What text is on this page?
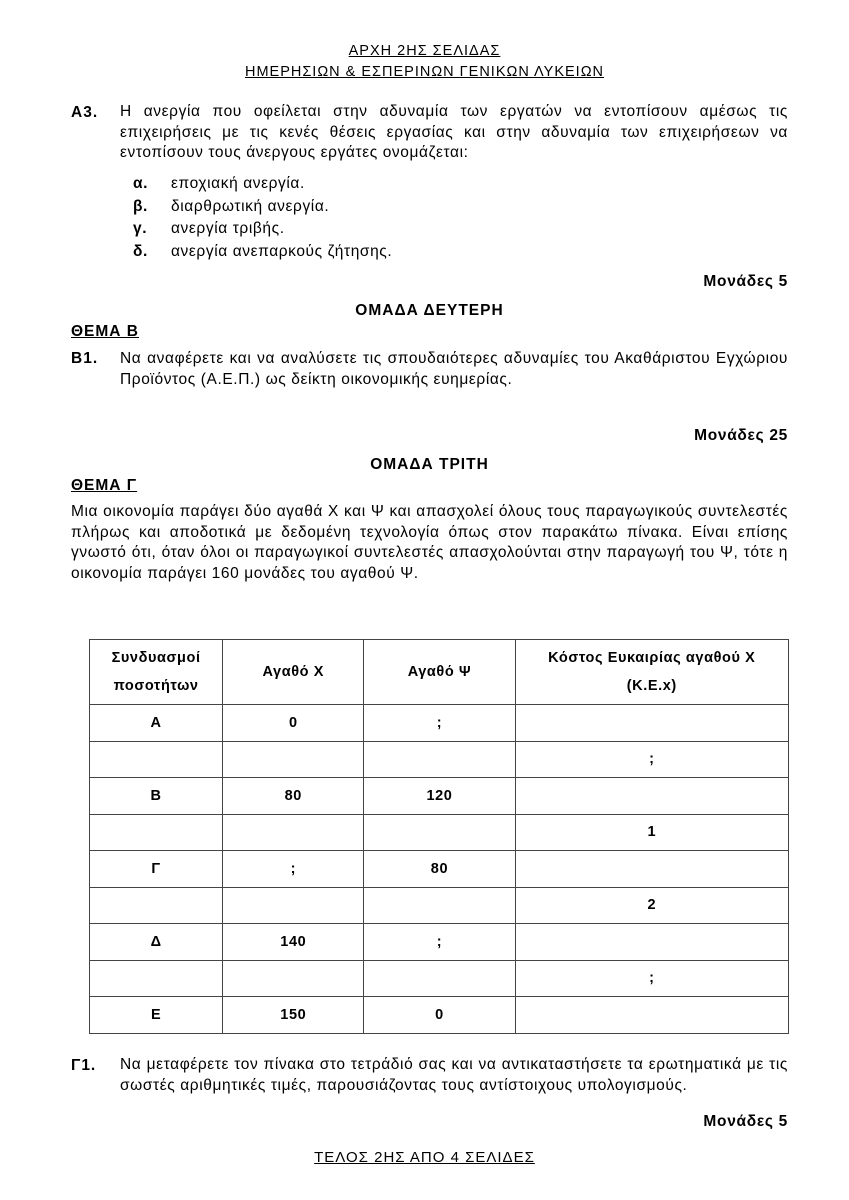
ΑΡΧΗ 2ΗΣ ΣΕΛΙΔΑΣ
ΗΜΕΡΗΣΙΩΝ & ΕΣΠΕΡΙΝΩΝ ΓΕΝΙΚΩΝ ΛΥΚΕΙΩΝ
Α3. Η ανεργία που οφείλεται στην αδυναμία των εργατών να εντοπίσουν αμέσως τις επιχειρήσεις με τις κενές θέσεις εργασίας και στην αδυναμία των επιχειρήσεων να εντοπίσουν τους άνεργους εργάτες ονομάζεται:
α. εποχιακή ανεργία.
β. διαρθρωτική ανεργία.
γ. ανεργία τριβής.
δ. ανεργία ανεπαρκούς ζήτησης.
Μονάδες 5
ΟΜΑΔΑ ΔΕΥΤΕΡΗ
ΘΕΜΑ Β
Β1. Να αναφέρετε και να αναλύσετε τις σπουδαιότερες αδυναμίες του Ακαθάριστου Εγχώριου Προϊόντος (Α.Ε.Π.) ως δείκτη οικονομικής ευημερίας.
Μονάδες 25
ΟΜΑΔΑ ΤΡΙΤΗ
ΘΕΜΑ Γ
Μια οικονομία παράγει δύο αγαθά Χ και Ψ και απασχολεί όλους τους παραγωγικούς συντελεστές πλήρως και αποδοτικά με δεδομένη τεχνολογία όπως στον παρακάτω πίνακα. Είναι επίσης γνωστό ότι, όταν όλοι οι παραγωγικοί συντελεστές απασχολούνται στην παραγωγή του Ψ, τότε η οικονομία παράγει 160 μονάδες του αγαθού Ψ.
Συνδυασμοί ποσοτήτων	Αγαθό Χ	Αγαθό Ψ	Κόστος Ευκαιρίας αγαθού Χ
(Κ.Ε.x)

Α	0	;	
			;
Β	80	120	
			1
Γ	;	80	
			2
Δ	140	;	
			;
Ε	150	0	
Γ1. Να μεταφέρετε τον πίνακα στο τετράδιό σας και να αντικαταστήσετε τα ερωτηματικά με τις σωστές αριθμητικές τιμές, παρουσιάζοντας τους αντίστοιχους υπολογισμούς.
Μονάδες 5
ΤΕΛΟΣ 2ΗΣ ΑΠΟ 4 ΣΕΛΙΔΕΣ
